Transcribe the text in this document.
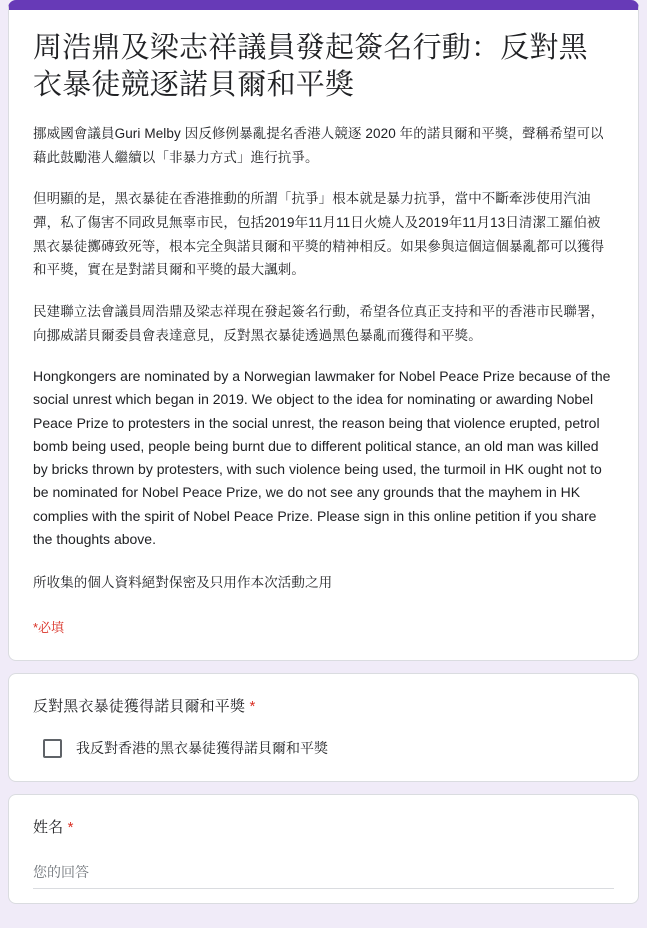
周浩鼎及梁志祥議員發起簽名行動：反對黑衣暴徒競逐諾貝爾和平獎

挪威國會議員Guri Melby 因反修例暴亂提名香港人競逐 2020 年的諾貝爾和平獎，聲稱希望可以藉此鼓勵港人繼續以「非暴力方式」進行抗爭。

但明顯的是，黑衣暴徒在香港推動的所謂「抗爭」根本就是暴力抗爭，當中不斷牽涉使用汽油彈，私了傷害不同政見無辜市民，包括2019年11月11日火燒人及2019年11月13日清潔工羅伯被黑衣暴徒擲磚致死等，根本完全與諾貝爾和平獎的精神相反。如果參與這個這個暴亂都可以獲得和平獎，實在是對諾貝爾和平獎的最大諷刺。

民建聯立法會議員周浩鼎及梁志祥現在發起簽名行動，希望各位真正支持和平的香港市民聯署，向挪威諾貝爾委員會表達意見，反對黑衣暴徒透過黑色暴亂而獲得和平獎。

Hongkongers are nominated by a Norwegian lawmaker for Nobel Peace Prize because of the social unrest which began in 2019. We object to the idea for nominating or awarding Nobel Peace Prize to protesters in the social unrest, the reason being that violence erupted, petrol bomb being used, people being burnt due to different political stance, an old man was killed by bricks thrown by protesters, with such violence being used, the turmoil in HK ought not to be nominated for Nobel Peace Prize, we do not see any grounds that the mayhem in HK complies with the spirit of Nobel Peace Prize. Please sign in this online petition if you share the thoughts above.

所收集的個人資料絕對保密及只用作本次活動之用

*必填

反對黑衣暴徒獲得諾貝爾和平獎 *
我反對香港的黑衣暴徒獲得諾貝爾和平獎
姓名 *
您的回答
